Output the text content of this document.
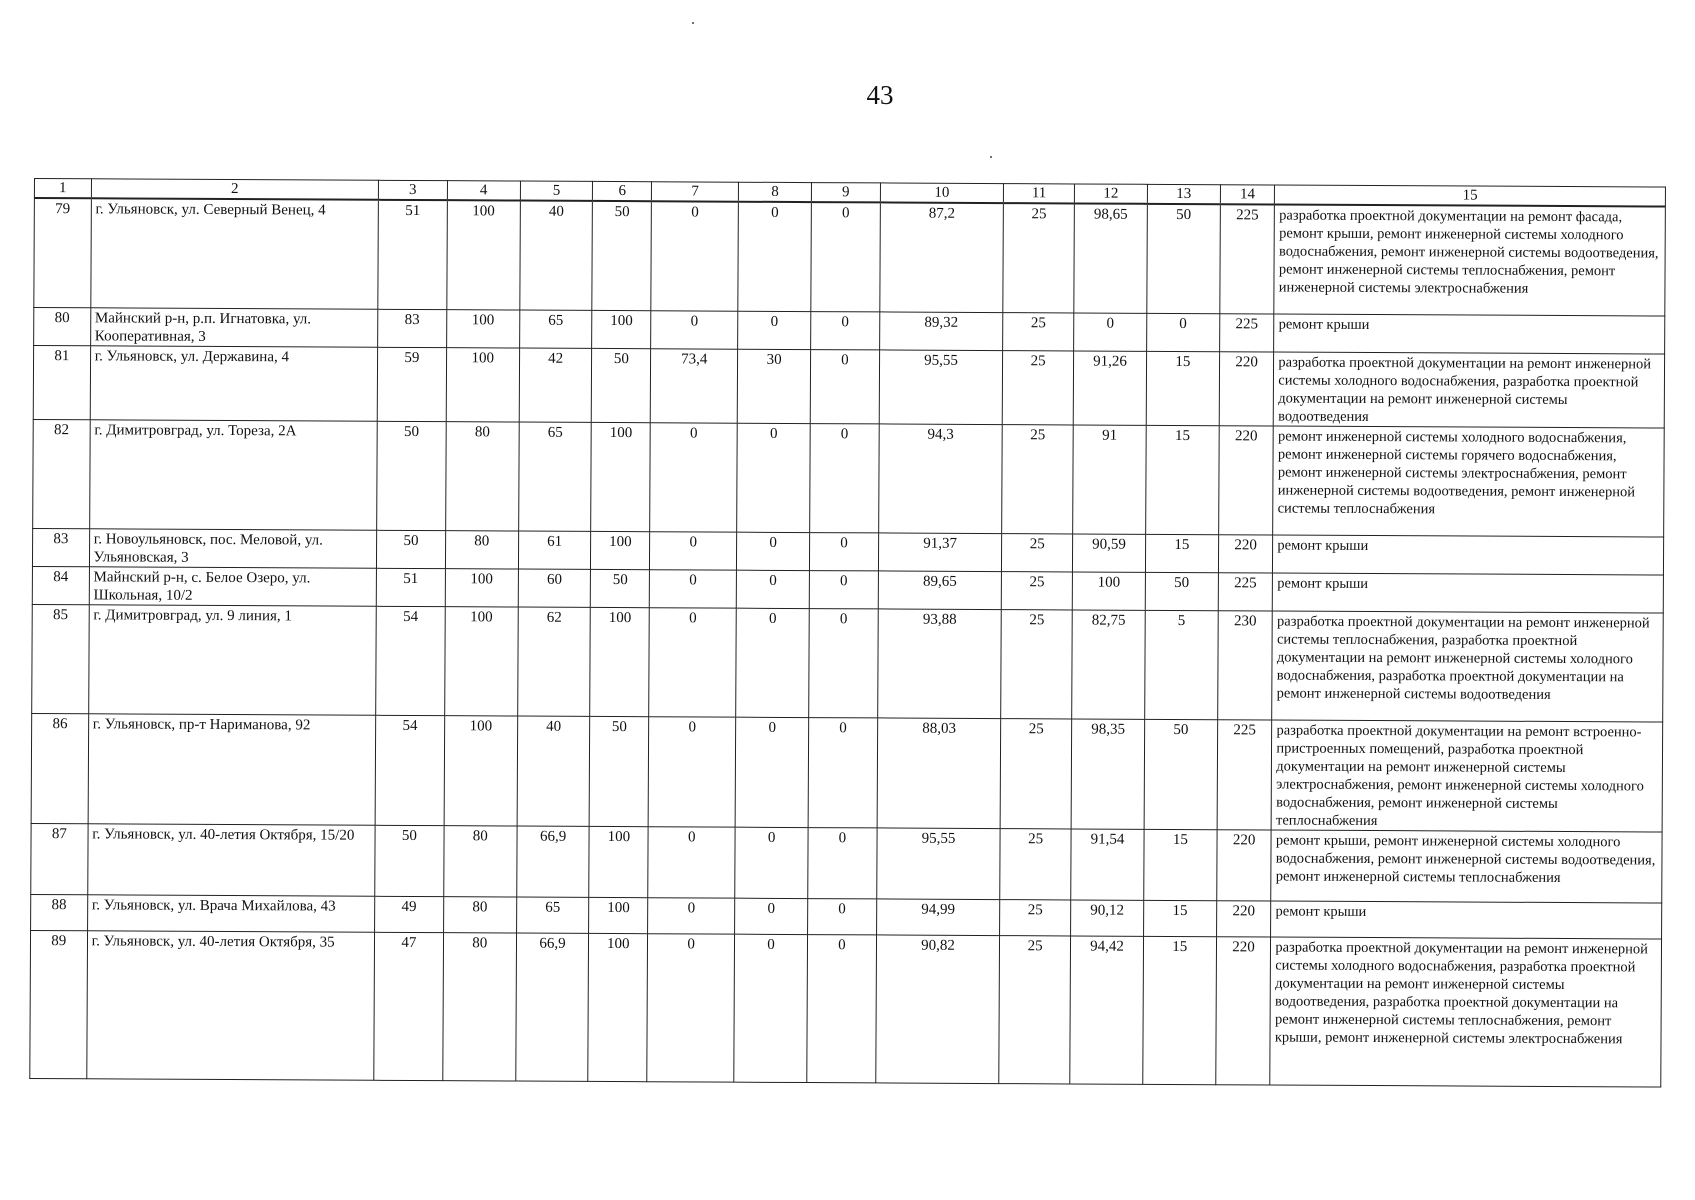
43
1	2	3	4	5	6	7	8	9	10	11	12	13	14	15
79	г. Ульяновск, ул. Северный Венец, 4	51	100	40	50	0	0	0	87,2	25	98,65	50	225	разработка проектной документации на ремонт фасада, ремонт крыши, ремонт инженерной системы холодного водоснабжения, ремонт инженерной системы водоотведения, ремонт инженерной системы теплоснабжения, ремонт инженерной системы электроснабжения
80	Майнский р-н, р.п. Игнатовка, ул. Кооперативная, 3	83	100	65	100	0	0	0	89,32	25	0	0	225	ремонт крыши
81	г. Ульяновск, ул. Державина, 4	59	100	42	50	73,4	30	0	95,55	25	91,26	15	220	разработка проектной документации на ремонт инженерной системы холодного водоснабжения, разработка проектной документации на ремонт инженерной системы водоотведения
82	г. Димитровград, ул. Тореза, 2А	50	80	65	100	0	0	0	94,3	25	91	15	220	ремонт инженерной системы холодного водоснабжения, ремонт инженерной системы горячего водоснабжения, ремонт инженерной системы электроснабжения, ремонт инженерной системы водоотведения, ремонт инженерной системы теплоснабжения
83	г. Новоульяновск, пос. Меловой, ул. Ульяновская, 3	50	80	61	100	0	0	0	91,37	25	90,59	15	220	ремонт крыши
84	Майнский р-н, с. Белое Озеро, ул. Школьная, 10/2	51	100	60	50	0	0	0	89,65	25	100	50	225	ремонт крыши
85	г. Димитровград, ул. 9 линия, 1	54	100	62	100	0	0	0	93,88	25	82,75	5	230	разработка проектной документации на ремонт инженерной системы теплоснабжения, разработка проектной документации на ремонт инженерной системы холодного водоснабжения, разработка проектной документации на ремонт инженерной системы водоотведения
86	г. Ульяновск, пр-т Нариманова, 92	54	100	40	50	0	0	0	88,03	25	98,35	50	225	разработка проектной документации на ремонт встроенно-пристроенных помещений, разработка проектной документации на ремонт инженерной системы электроснабжения, ремонт инженерной системы холодного водоснабжения, ремонт инженерной системы теплоснабжения
87	г. Ульяновск, ул. 40-летия Октября, 15/20	50	80	66,9	100	0	0	0	95,55	25	91,54	15	220	ремонт крыши, ремонт инженерной системы холодного водоснабжения, ремонт инженерной системы водоотведения, ремонт инженерной системы теплоснабжения
88	г. Ульяновск, ул. Врача Михайлова, 43	49	80	65	100	0	0	0	94,99	25	90,12	15	220	ремонт крыши
89	г. Ульяновск, ул. 40-летия Октября, 35	47	80	66,9	100	0	0	0	90,82	25	94,42	15	220	разработка проектной документации на ремонт инженерной системы холодного водоснабжения, разработка проектной документации на ремонт инженерной системы водоотведения, разработка проектной документации на ремонт инженерной системы теплоснабжения, ремонт крыши, ремонт инженерной системы электроснабжения
